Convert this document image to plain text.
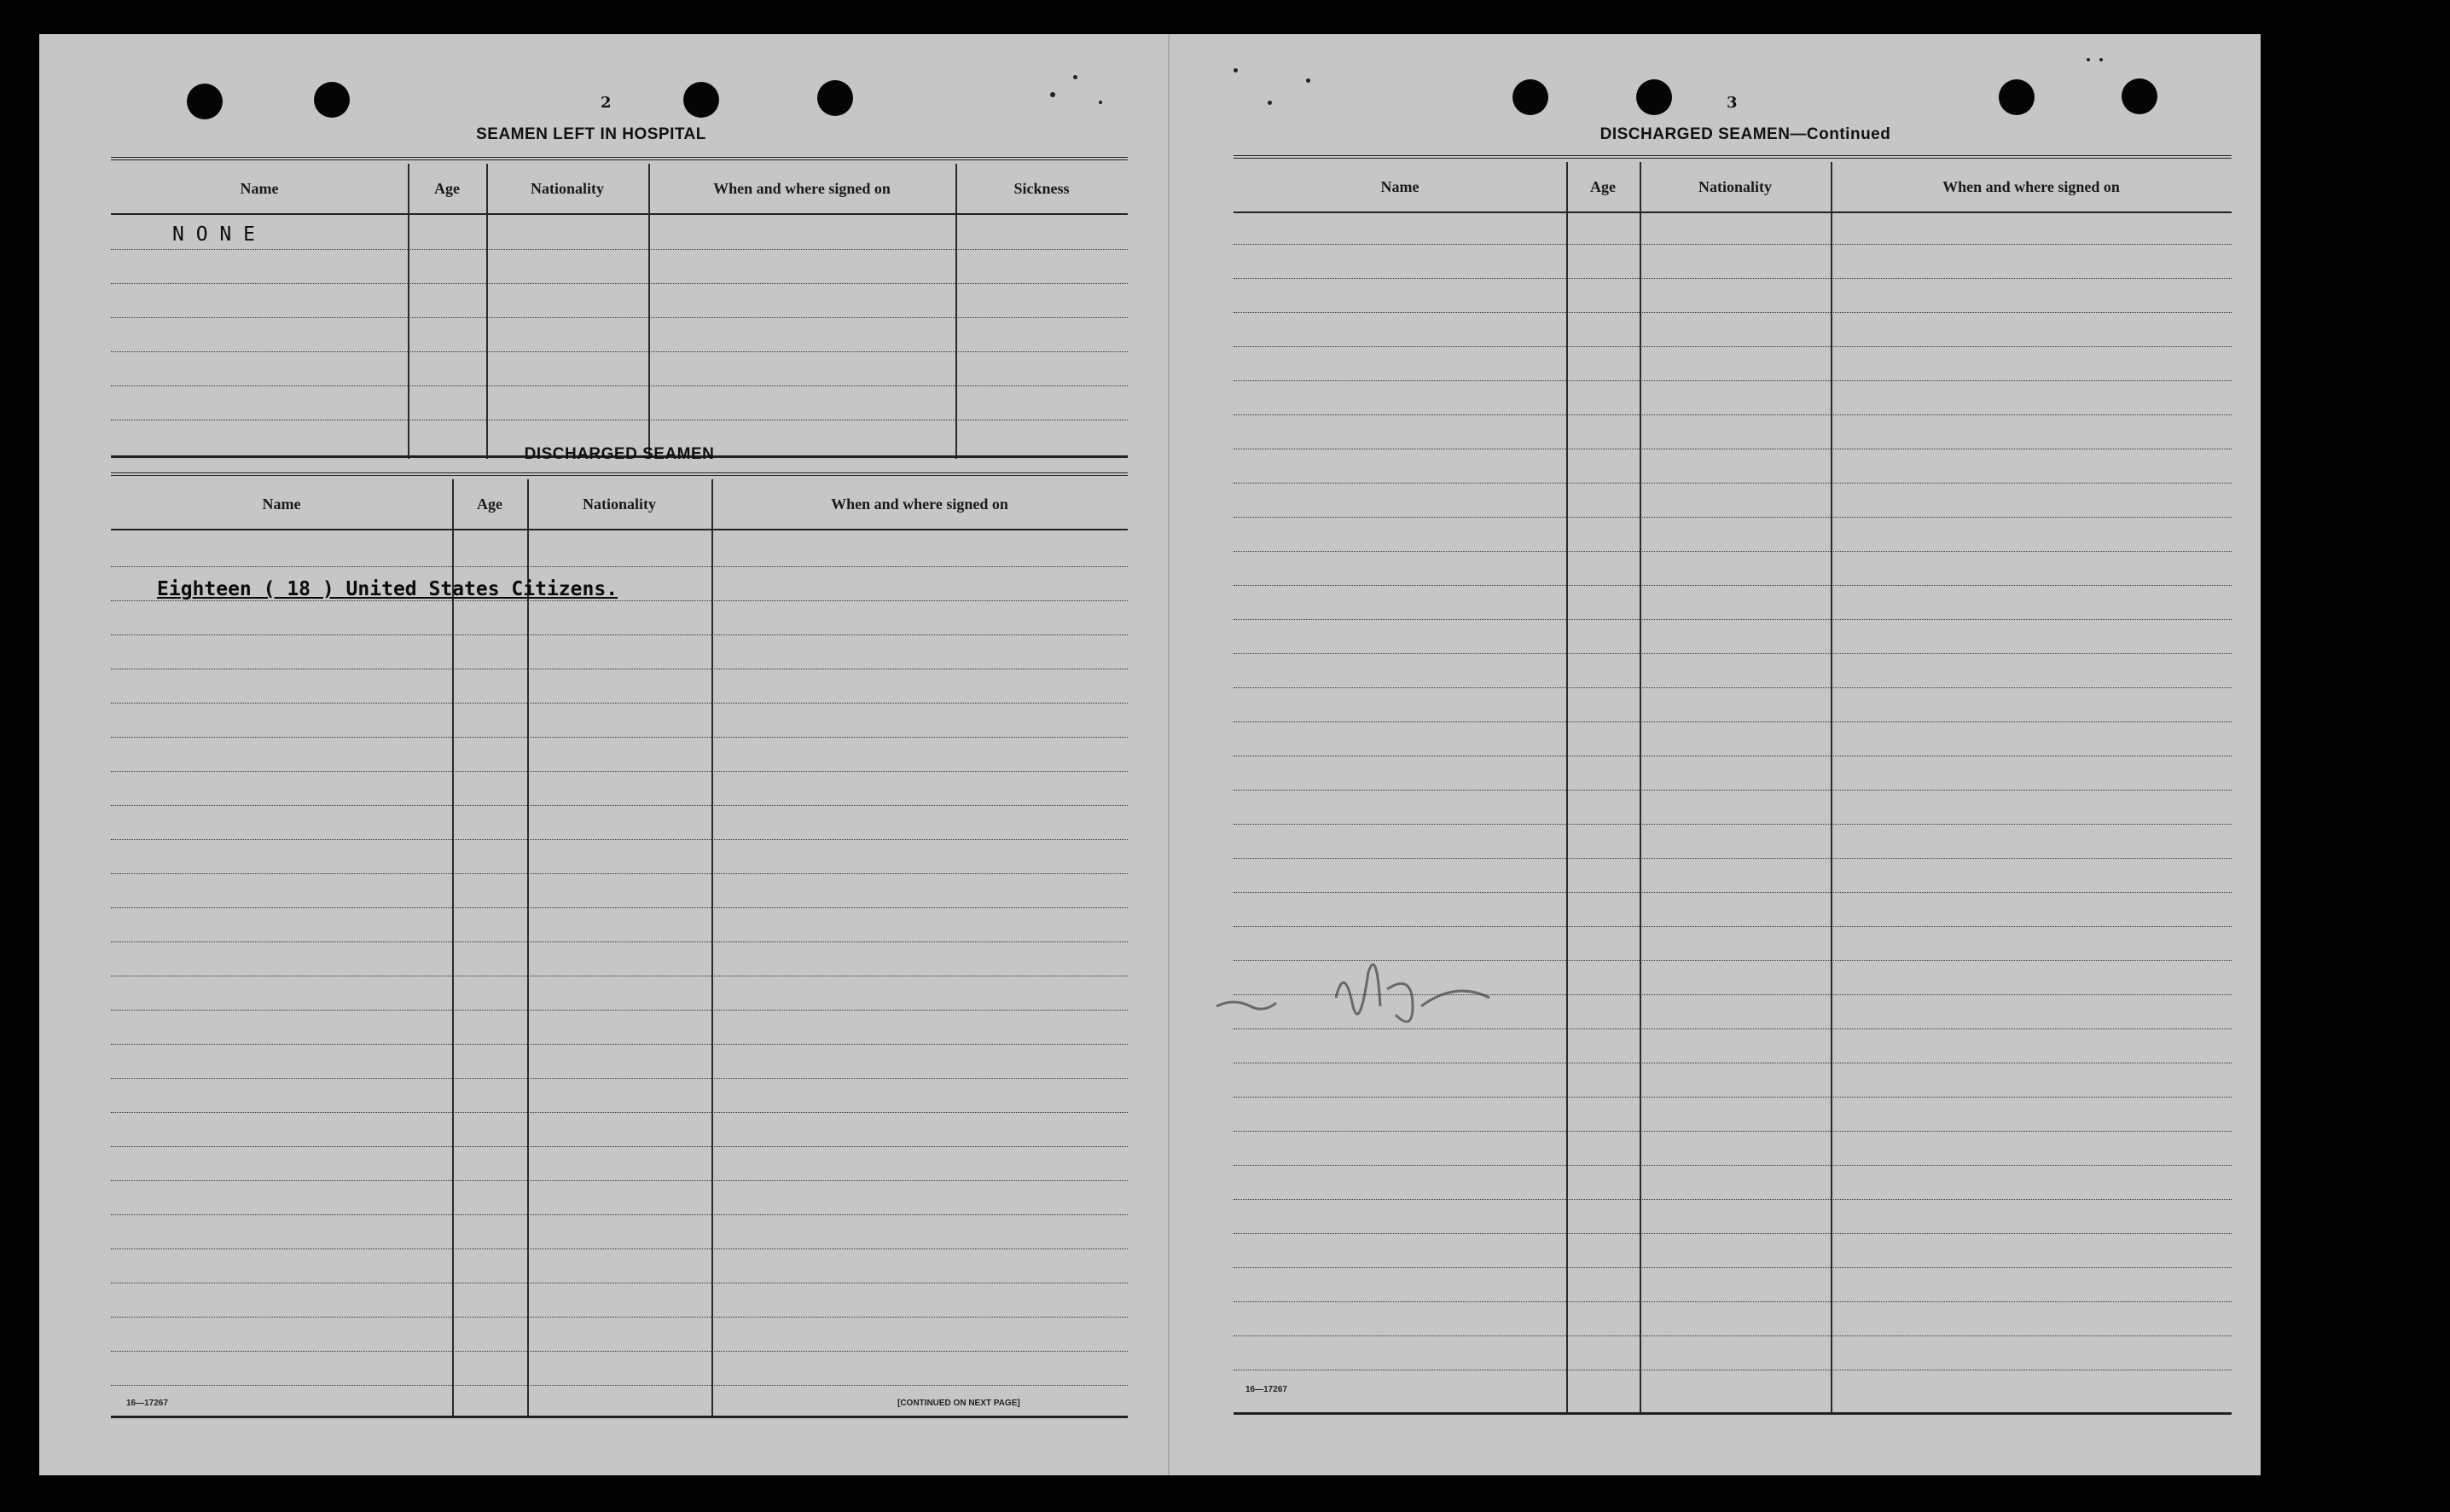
2
SEAMEN LEFT IN HOSPITAL
Name	Age	Nationality	When and where signed on	Sickness
N O N E
DISCHARGED SEAMEN
Name	Age	Nationality	When and where signed on
Eighteen ( 18 ) United States Citizens.
16—17267	[CONTINUED ON NEXT PAGE]
3
DISCHARGED SEAMEN—Continued
Name	Age	Nationality	When and where signed on
16—17267
